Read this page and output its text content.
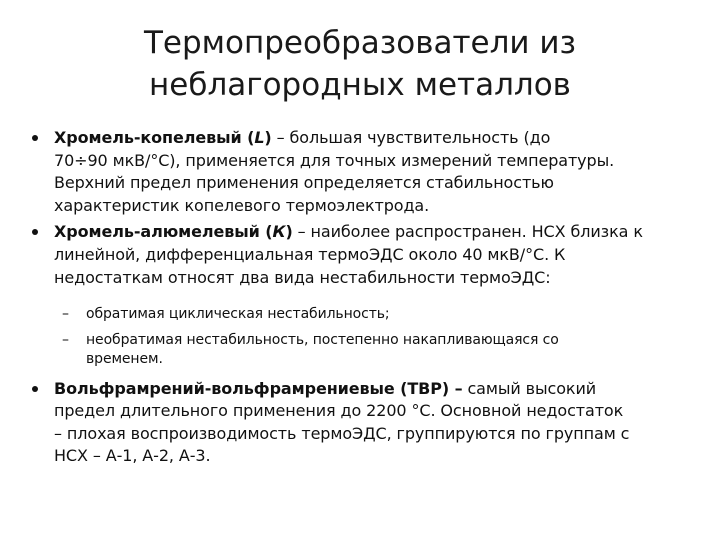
Термопреобразователи из
неблагородных металлов
Хромель-копелевый (L) – большая чувствительность (до
70÷90 мкВ/°С), применяется для точных измерений температуры.
Верхний предел применения определяется стабильностью
характеристик копелевого термоэлектрода.
Хромель-алюмелевый (К) – наиболее распространен. НСХ близка к
линейной, дифференциальная термоЭДС около 40 мкВ/°С. К
недостаткам относят два вида нестабильности термоЭДС:
– обратимая циклическая нестабильность;
– необратимая нестабильность, постепенно накапливающаяся со
временем.
Вольфрамрений-вольфрамрениевые (ТВР) – самый высокий
предел длительного применения до 2200 °С. Основной недостаток
– плохая воспроизводимость термоЭДС, группируются по группам с
НСХ – А-1, А-2, А-3.
